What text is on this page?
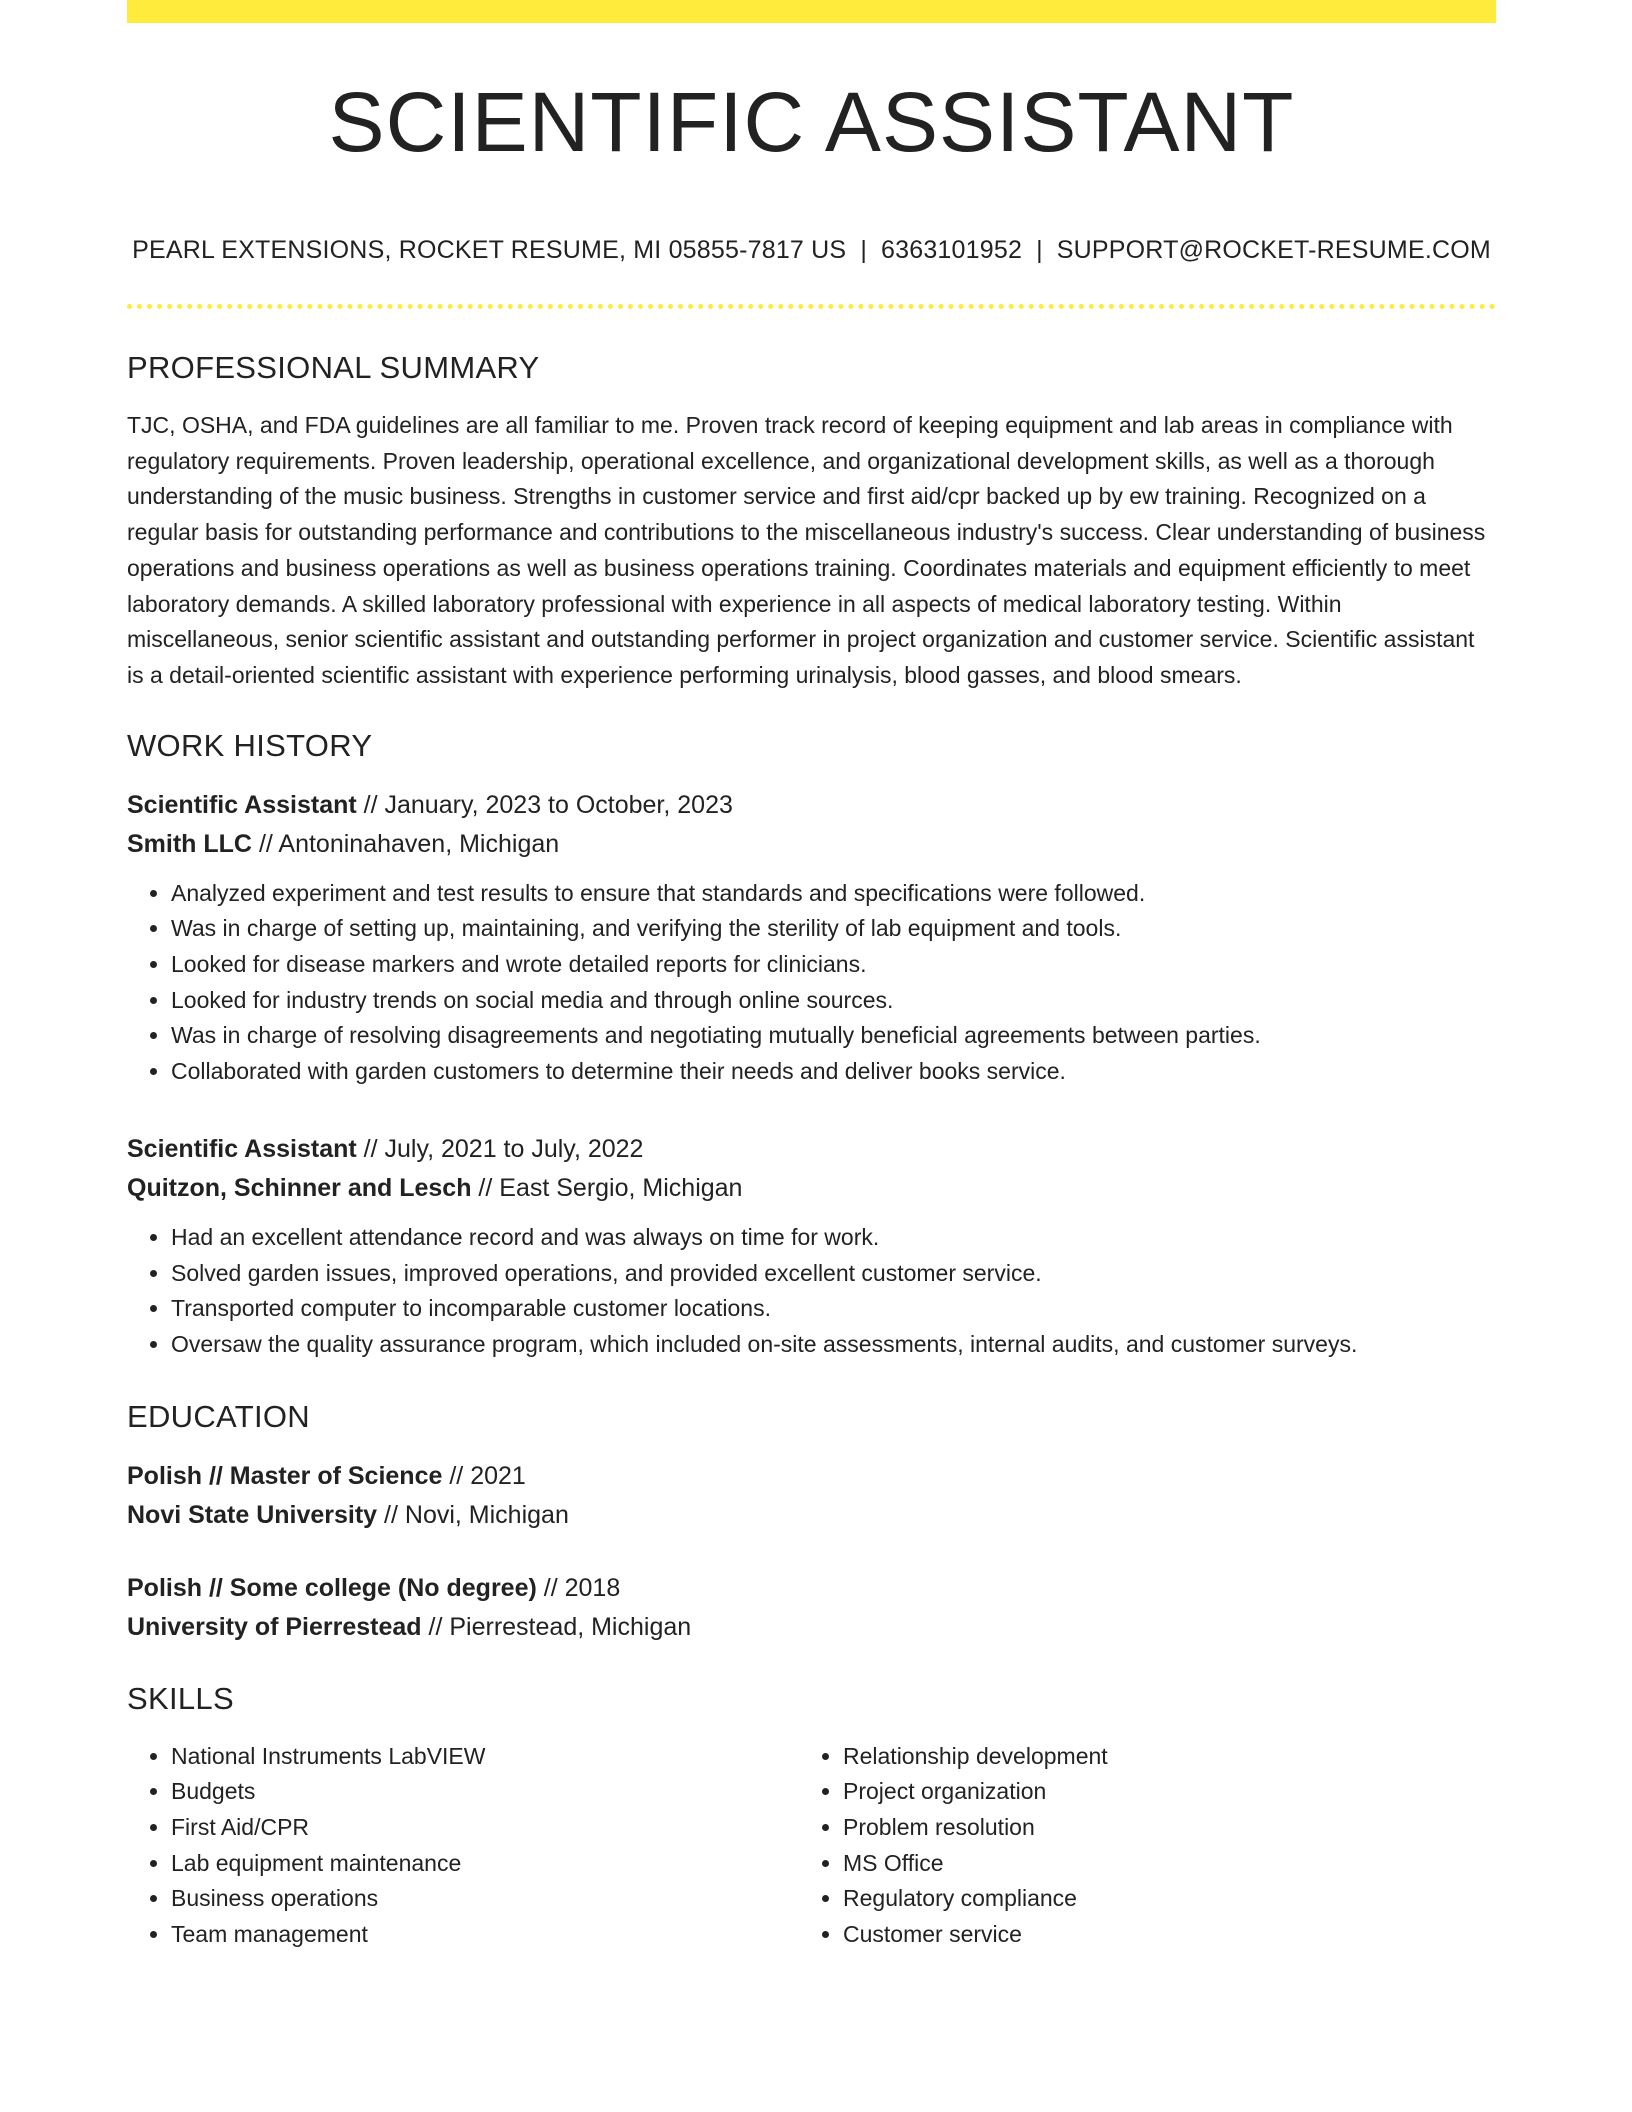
SCIENTIFIC ASSISTANT
PEARL EXTENSIONS, ROCKET RESUME, MI 05855-7817 US | 6363101952 | SUPPORT@ROCKET-RESUME.COM
PROFESSIONAL SUMMARY

TJC, OSHA, and FDA guidelines are all familiar to me. Proven track record of keeping equipment and lab areas in compliance with regulatory requirements. Proven leadership, operational excellence, and organizational development skills, as well as a thorough understanding of the music business. Strengths in customer service and first aid/cpr backed up by ew training. Recognized on a regular basis for outstanding performance and contributions to the miscellaneous industry's success. Clear understanding of business operations and business operations as well as business operations training. Coordinates materials and equipment efficiently to meet laboratory demands. A skilled laboratory professional with experience in all aspects of medical laboratory testing. Within miscellaneous, senior scientific assistant and outstanding performer in project organization and customer service. Scientific assistant is a detail-oriented scientific assistant with experience performing urinalysis, blood gasses, and blood smears.

WORK HISTORY
Scientific Assistant // January, 2023 to October, 2023
Smith LLC // Antoninahaven, Michigan
• Analyzed experiment and test results to ensure that standards and specifications were followed.
• Was in charge of setting up, maintaining, and verifying the sterility of lab equipment and tools.
• Looked for disease markers and wrote detailed reports for clinicians.
• Looked for industry trends on social media and through online sources.
• Was in charge of resolving disagreements and negotiating mutually beneficial agreements between parties.
• Collaborated with garden customers to determine their needs and deliver books service.
Scientific Assistant // July, 2021 to July, 2022
Quitzon, Schinner and Lesch // East Sergio, Michigan
• Had an excellent attendance record and was always on time for work.
• Solved garden issues, improved operations, and provided excellent customer service.
• Transported computer to incomparable customer locations.
• Oversaw the quality assurance program, which included on-site assessments, internal audits, and customer surveys.
EDUCATION
Polish // Master of Science // 2021
Novi State University // Novi, Michigan
Polish // Some college (No degree) // 2018
University of Pierrestead // Pierrestead, Michigan
SKILLS
• National Instruments LabVIEW
• Budgets
• First Aid/CPR
• Lab equipment maintenance
• Business operations
• Team management
• Relationship development
• Project organization
• Problem resolution
• MS Office
• Regulatory compliance
• Customer service
